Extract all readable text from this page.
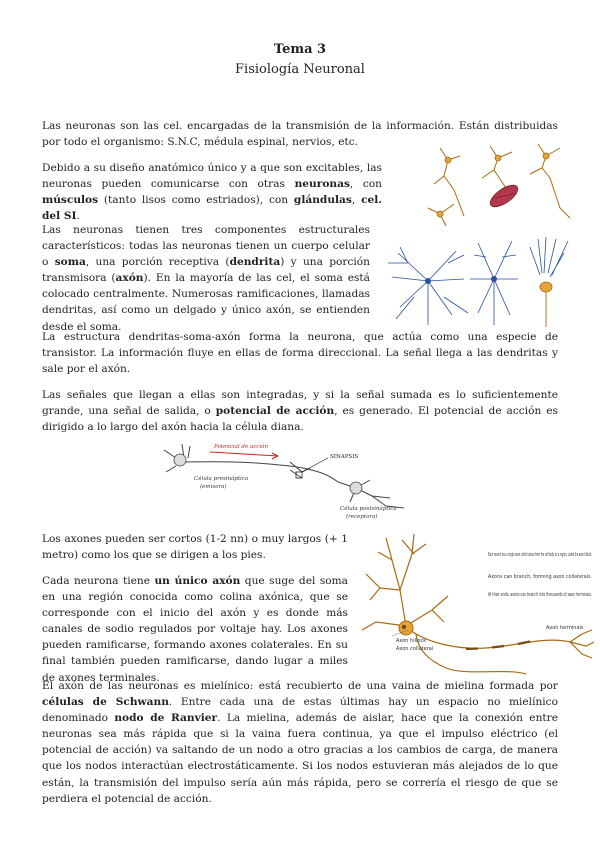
Tema 3
Fisiología Neuronal

Las neuronas son las cel. encargadas de la transmisión de la información. Están distribuidas por todo el organismo: S.N.C, médula espinal, nervios, etc.

Debido a su diseño anatómico único y a que son excitables, las neuronas pueden comunicarse con otras neuronas, con músculos (tanto lisos como estriados), con glándulas, cel. del SI.

Las neuronas tienen tres componentes estructurales característicos: todas las neuronas tienen un cuerpo celular o soma, una porción receptiva (dendrita) y una porción transmisora (axón). En la mayoría de las cel, el soma está colocado centralmente. Numerosas ramificaciones, llamadas dendritas, así como un delgado y único axón, se entienden desde el soma.

La estructura dendritas-soma-axón forma la neurona, que actúa como una especie de transistor. La información fluye en ellas de forma direccional. La señal llega a las dendritas y sale por el axón.

Las señales que llegan a ellas son integradas, y si la señal sumada es lo suficientemente grande, una señal de salida, o potencial de acción, es generado. El potencial de acción es dirigido a lo largo del axón hacia la célula diana.

Los axones pueden ser cortos (1-2 nn) o muy largos (+ 1 metro) como los que se dirigen a los pies.

Cada neurona tiene un único axón que suge del soma en una región conocida como colina axónica, que se corresponde con el inicio del axón y es donde más canales de sodio regulados por voltaje hay. Los axones pueden ramificarse, formando axones colaterales. En su final también pueden ramificarse, dando lugar a miles de axones terminales.

El axón de las neuronas es mielínico: está recubierto de una vaina de mielina formada por células de Schwann. Entre cada una de estas últimas hay un espacio no mielínico denominado nodo de Ranvier. La mielina, además de aislar, hace que la conexión entre neuronas sea más rápida que si la vaina fuera continua, ya que el impulso eléctrico (el potencial de acción) va saltando de un nodo a otro gracias a los cambios de carga, de manera que los nodos interactúan electrostáticamente. Si los nodos estuvieran más alejados de lo que están, la transmisión del impulso sería aún más rápida, pero se correría el riesgo de que se perdiera el potencial de acción.

Potencial de acción
SINAPSIS
Célula presináptica
(emisora)
Célula postsináptica
(receptora)
Axon hillock
Axon collateral
Axon terminals
Each neuron has a single axon, which arises from the cell body at a region, called the axon hillock.
Axons can branch, forming axon collaterals.
At their ends, axons can branch into thousands of axon terminals.
